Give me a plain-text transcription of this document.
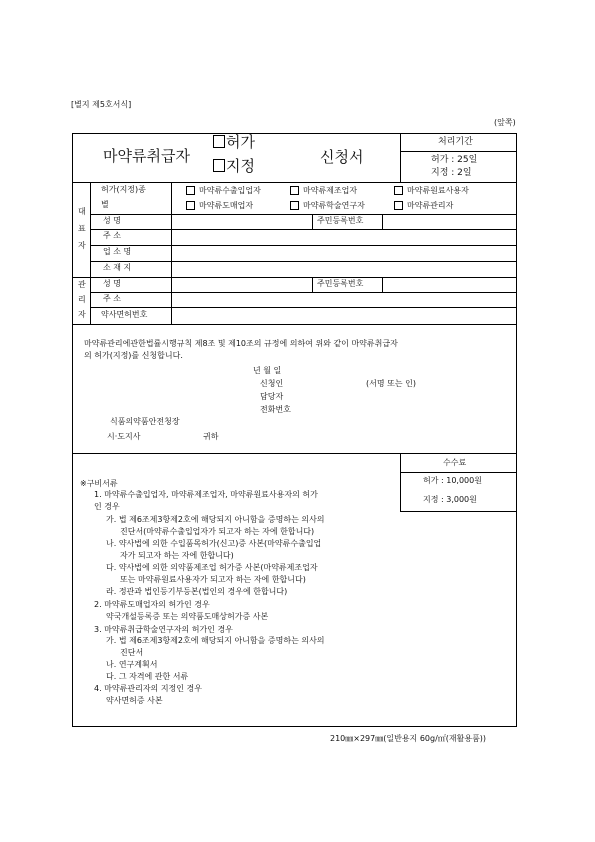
[별지 제5호서식]
(앞쪽)
마약류취급자
허가
지정	신청서
처리기간
허가 : 25일
지정 : 2일
대
표
자
허가(지정)종
별
마약류수출입업자	마약류제조업자	마약류원료사용자
마약류도매업자	마약류학술연구자	마약류관리자
성 명	주민등록번호
주 소
업 소 명
소 재 지
관
리
자
성 명	주민등록번호
주 소
약사면허번호
마약류관리에관한법률시행규칙 제8조 및 제10조의 규정에 의하여 위와 같이 마약류취급자
의 허가(지정)를 신청합니다.
년 월 일
신청인	(서명 또는 인)
담당자
전화번호
식품의약품안전청장
시·도지사	귀하
수수료
허가 : 10,000원
지정 : 3,000원
※구비서류
1. 마약류수출입업자, 마약류제조업자, 마약류원료사용자의 허가
인 경우
가. 법 제6조제3항제2호에 해당되지 아니함을 증명하는 의사의
진단서(마약류수출입업자가 되고자 하는 자에 한합니다)
나. 약사법에 의한 수입품목허가(신고)증 사본(마약류수출입업
자가 되고자 하는 자에 한합니다)
다. 약사법에 의한 의약품제조업 허가증 사본(마약류제조업자
또는 마약류원료사용자가 되고자 하는 자에 한합니다)
라. 정관과 법인등기부등본(법인의 경우에 한합니다)
2. 마약류도매업자의 허가인 경우
약국개설등록증 또는 의약품도매상허가증 사본
3. 마약류취급학술연구자의 허가인 경우
가. 법 제6조제3항제2호에 해당되지 아니함을 증명하는 의사의
진단서
나. 연구계획서
다. 그 자격에 관한 서류
4. 마약류관리자의 지정인 경우
약사면허증 사본
210㎜×297㎜(일반용지 60g/㎡(재활용품))
